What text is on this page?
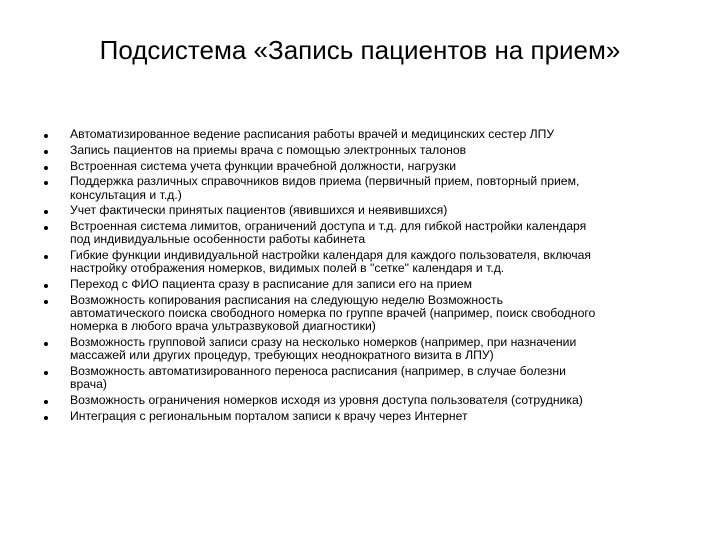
Подсистема «Запись пациентов на прием»
Автоматизированное ведение расписания работы врачей и медицинских сестер ЛПУ
Запись пациентов на приемы врача с помощью электронных талонов
Встроенная система учета функции врачебной должности, нагрузки
Поддержка различных справочников видов приема (первичный прием, повторный прием,
консультация и т.д.)
Учет фактически принятых пациентов (явившихся и неявившихся)
Встроенная система лимитов, ограничений доступа и т.д. для гибкой настройки календаря
под индивидуальные особенности работы кабинета
Гибкие функции индивидуальной настройки календаря для каждого пользователя, включая
настройку отображения номерков, видимых полей в "сетке" календаря и т.д.
Переход с ФИО пациента сразу в расписание для записи его на прием
Возможность копирования расписания на следующую неделю Возможность
автоматического поиска свободного номерка по группе врачей (например, поиск свободного
номерка в любого врача ультразвуковой диагностики)
Возможность групповой записи сразу на несколько номерков (например, при назначении
массажей или других процедур, требующих неоднократного визита в ЛПУ)
Возможность автоматизированного переноса расписания (например, в случае болезни
врача)
Возможность ограничения номерков исходя из уровня доступа пользователя (сотрудника)
Интеграция с региональным порталом записи к врачу через Интернет
